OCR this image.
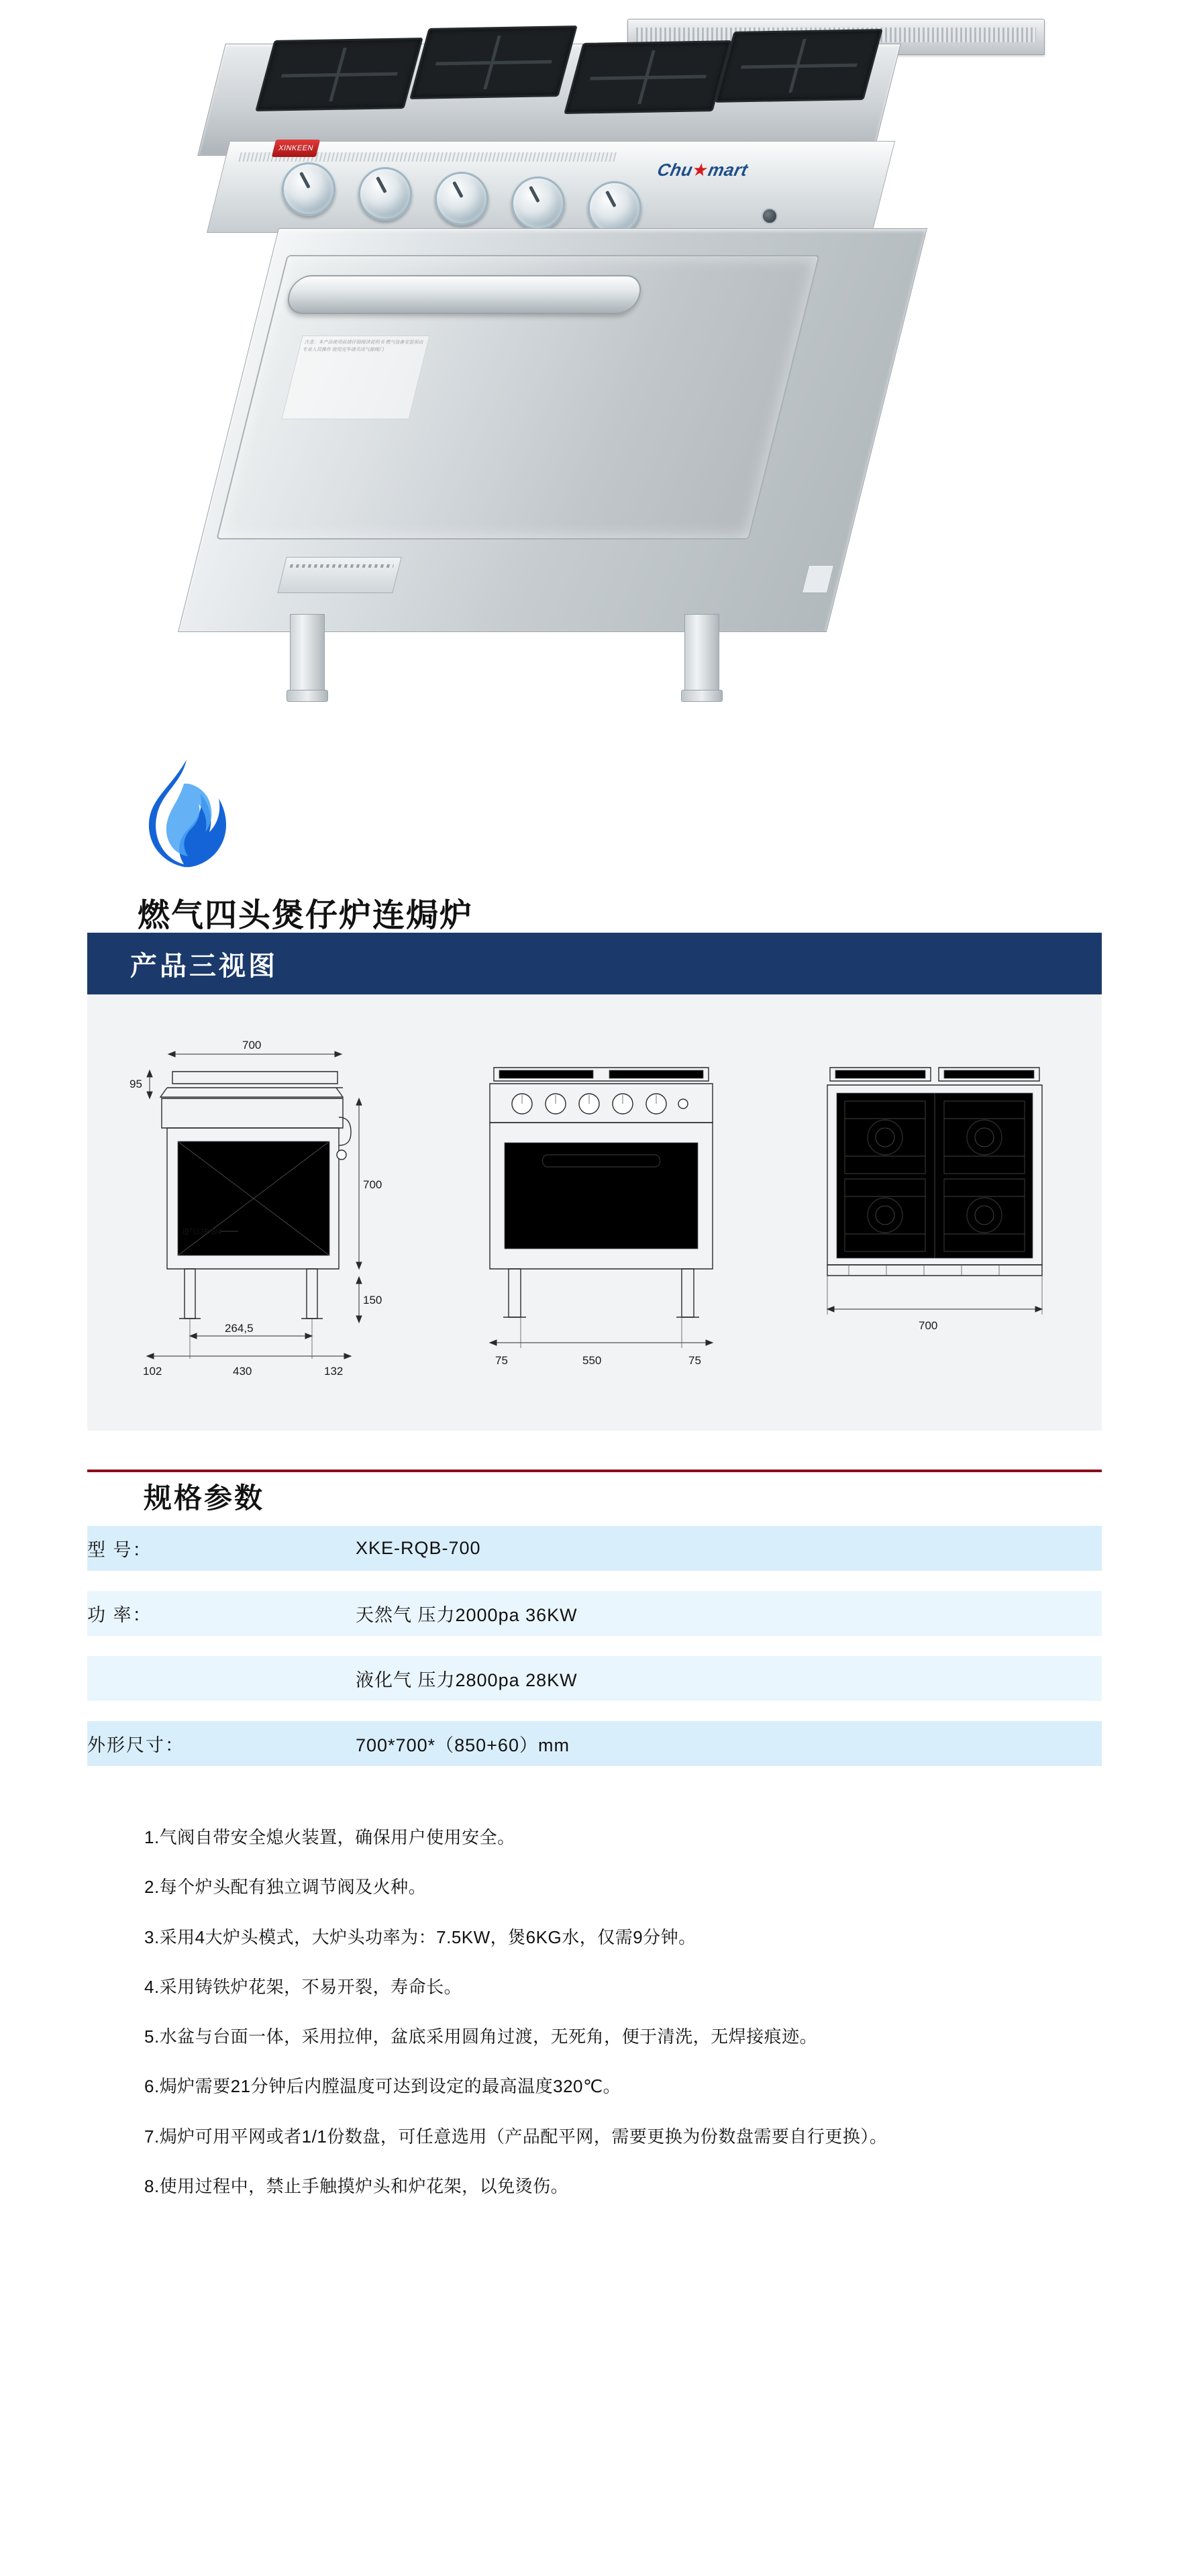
XINKEEN
Chu★mart
注意：本产品使用前请仔细阅读说明书 燃气设备安装须由专业人员操作 使用完毕请关闭气源阀门
燃气四头煲仔炉连焗炉
产品三视图
700
95
进气口R 3/4
700
150
264,5
102	430	132
75	550	75
700
规格参数
型 号：	XKE-RQB-700

功 率：	天然气 压力2000pa 36KW

	液化气 压力2800pa 28KW

外形尺寸：	700*700*（850+60）mm

1.气阀自带安全熄火装置，确保用户使用安全。

2.每个炉头配有独立调节阀及火种。

3.采用4大炉头模式，大炉头功率为：7.5KW，煲6KG水，仅需9分钟。

4.采用铸铁炉花架，不易开裂，寿命长。

5.水盆与台面一体，采用拉伸，盆底采用圆角过渡，无死角，便于清洗，无焊接痕迹。

6.焗炉需要21分钟后内膛温度可达到设定的最高温度320℃。

7.焗炉可用平网或者1/1份数盘，可任意选用（产品配平网，需要更换为份数盘需要自行更换）。

8.使用过程中，禁止手触摸炉头和炉花架，以免烫伤。
